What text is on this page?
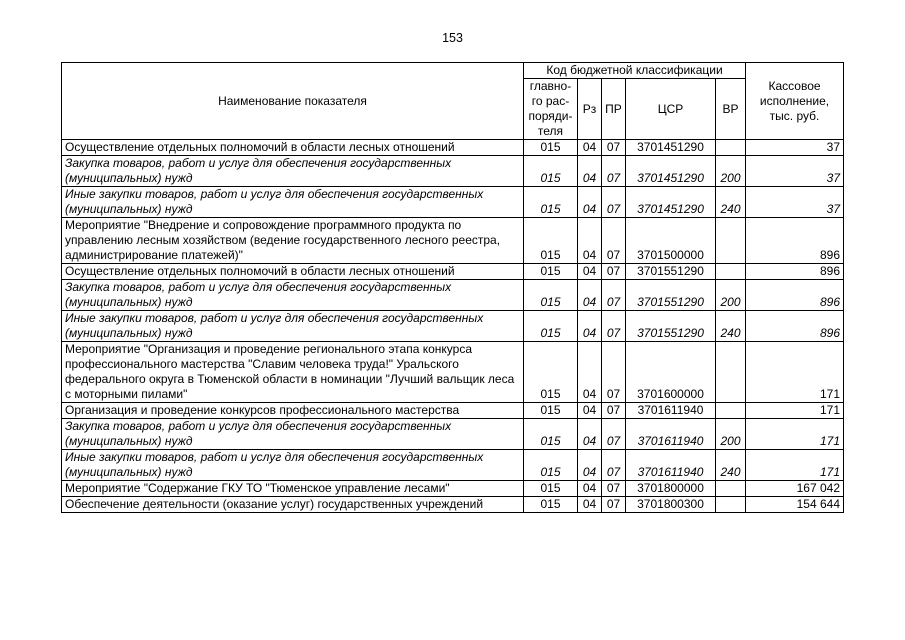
153
Наименование показателя	Код бюджетной классификации					Кассовое
исполнение,
тыс. руб.

	главно-
го рас-
поряди-
теля	Рз	ПР	ЦСР	ВР	
Осуществление отдельных полномочий в области лесных отношений	015	04	07	3701451290		37
Закупка товаров, работ и услуг для обеспечения государственных (муниципальных) нужд	015	04	07	3701451290	200	37
Иные закупки товаров, работ и услуг для обеспечения государственных (муниципальных) нужд	015	04	07	3701451290	240	37
Мероприятие "Внедрение и сопровождение программного продукта по управлению лесным хозяйством (ведение государственного лесного реестра, администрирование платежей)"	015	04	07	3701500000		896
Осуществление отдельных полномочий в области лесных отношений	015	04	07	3701551290		896
Закупка товаров, работ и услуг для обеспечения государственных (муниципальных) нужд	015	04	07	3701551290	200	896
Иные закупки товаров, работ и услуг для обеспечения государственных (муниципальных) нужд	015	04	07	3701551290	240	896
Мероприятие "Организация и проведение регионального этапа конкурса профессионального мастерства "Славим человека труда!" Уральского федерального округа в Тюменской области в номинации "Лучший вальщик леса с моторными пилами"	015	04	07	3701600000		171
Организация и проведение конкурсов профессионального мастерства	015	04	07	3701611940		171
Закупка товаров, работ и услуг для обеспечения государственных (муниципальных) нужд	015	04	07	3701611940	200	171
Иные закупки товаров, работ и услуг для обеспечения государственных (муниципальных) нужд	015	04	07	3701611940	240	171
Мероприятие "Содержание ГКУ ТО "Тюменское управление лесами"	015	04	07	3701800000		167 042
Обеспечение деятельности (оказание услуг) государственных учреждений	015	04	07	3701800300		154 644
